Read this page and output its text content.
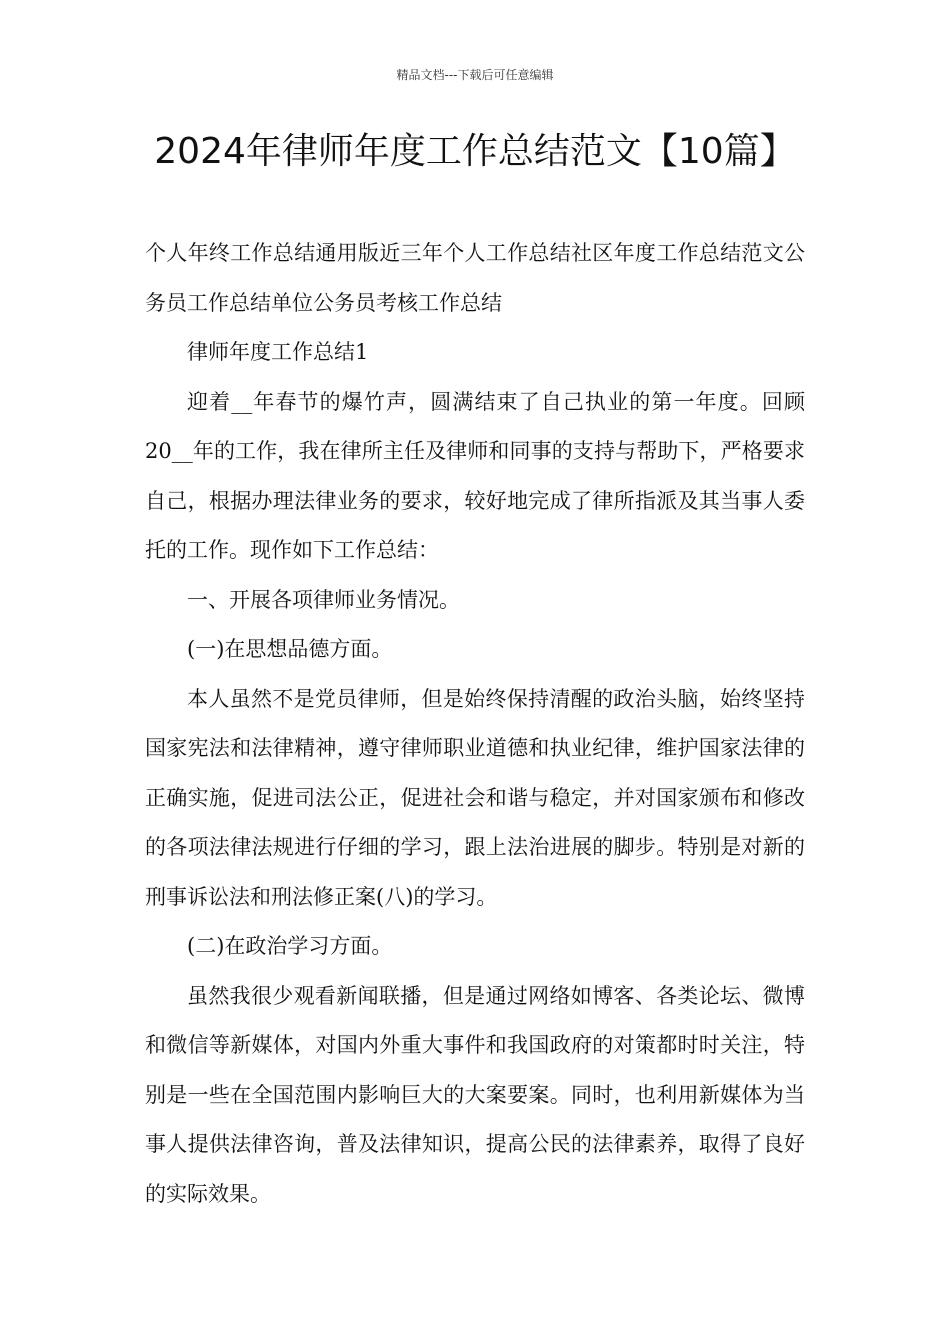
精品文档---下载后可任意编辑
2024年律师年度工作总结范文【10篇】

个人年终工作总结通用版近三年个人工作总结社区年度工作总结范文公务员工作总结单位公务员考核工作总结

律师年度工作总结1

迎着__年春节的爆竹声，圆满结束了自己执业的第一年度。回顾20__年的工作，我在律所主任及律师和同事的支持与帮助下，严格要求自己，根据办理法律业务的要求，较好地完成了律所指派及其当事人委托的工作。现作如下工作总结：

一、开展各项律师业务情况。

(一)在思想品德方面。

本人虽然不是党员律师，但是始终保持清醒的政治头脑，始终坚持国家宪法和法律精神，遵守律师职业道德和执业纪律，维护国家法律的正确实施，促进司法公正，促进社会和谐与稳定，并对国家颁布和修改的各项法律法规进行仔细的学习，跟上法治进展的脚步。特别是对新的刑事诉讼法和刑法修正案(八)的学习。

(二)在政治学习方面。

虽然我很少观看新闻联播，但是通过网络如博客、各类论坛、微博和微信等新媒体，对国内外重大事件和我国政府的对策都时时关注，特别是一些在全国范围内影响巨大的大案要案。同时，也利用新媒体为当事人提供法律咨询，普及法律知识，提高公民的法律素养，取得了良好的实际效果。
